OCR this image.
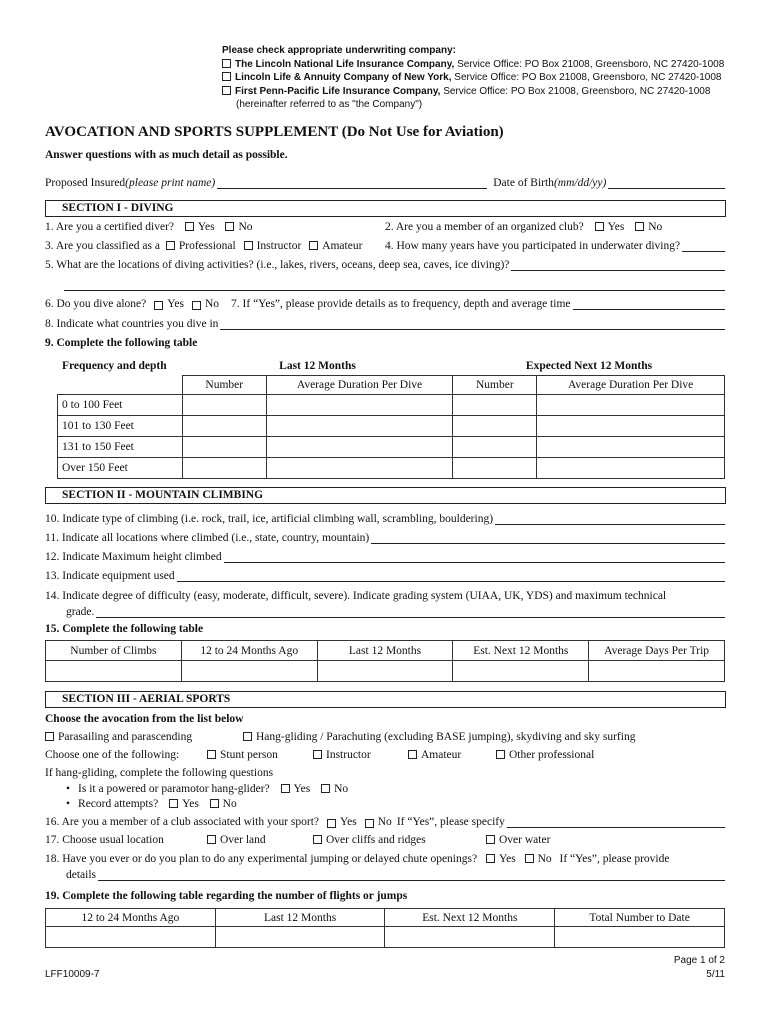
Please check appropriate underwriting company:
The Lincoln National Life Insurance Company, Service Office: PO Box 21008, Greensboro, NC 27420-1008
Lincoln Life & Annuity Company of New York, Service Office: PO Box 21008, Greensboro, NC 27420-1008
First Penn-Pacific Life Insurance Company, Service Office: PO Box 21008, Greensboro, NC 27420-1008
(hereinafter referred to as "the Company")
AVOCATION AND SPORTS SUPPLEMENT (Do Not Use for Aviation)
Answer questions with as much detail as possible.
Proposed Insured (please print name)	Date of Birth (mm/dd/yy)
SECTION I - DIVING
1. Are you a certified diver? Yes No	2. Are you a member of an organized club? Yes No
3. Are you classified as a Professional Instructor Amateur 4. How many years have you participated in underwater diving?
5. What are the locations of diving activities? (i.e., lakes, rivers, oceans, deep sea, caves, ice diving)?
6. Do you dive alone? Yes No 7. If “Yes”, please provide details as to frequency, depth and average time
8. Indicate what countries you dive in
9. Complete the following table
Frequency and depth	Last 12 Months	Expected Next 12 Months
	Number	Average Duration Per Dive	Number	Average Duration Per Dive
0 to 100 Feet				
101 to 130 Feet				
131 to 150 Feet				
Over 150 Feet				
SECTION II - MOUNTAIN CLIMBING
10. Indicate type of climbing (i.e. rock, trail, ice, artificial climbing wall, scrambling, bouldering)
11. Indicate all locations where climbed (i.e., state, country, mountain)
12. Indicate Maximum height climbed
13. Indicate equipment used
14. Indicate degree of difficulty (easy, moderate, difficult, severe). Indicate grading system (UIAA, UK, YDS) and maximum technical
grade.
15. Complete the following table
Number of Climbs	12 to 24 Months Ago	Last 12 Months	Est. Next 12 Months	Average Days Per Trip

SECTION III - AERIAL SPORTS
Choose the avocation from the list below
Parasailing and parascending	Hang-gliding / Parachuting (excluding BASE jumping), skydiving and sky surfing
Choose one of the following:	Stunt person	Instructor	Amateur	Other professional
If hang-gliding, complete the following questions
• Is it a powered or paramotor hang-glider? Yes No
• Record attempts? Yes No
16. Are you a member of a club associated with your sport? Yes No If “Yes”, please specify
17. Choose usual location	Over land	Over cliffs and ridges	Over water
18. Have you ever or do you plan to do any experimental jumping or delayed chute openings? Yes No If “Yes”, please provide
details
19. Complete the following table regarding the number of flights or jumps
12 to 24 Months Ago	Last 12 Months	Est. Next 12 Months	Total Number to Date

LFF10009-7
Page 1 of 2
5/11
